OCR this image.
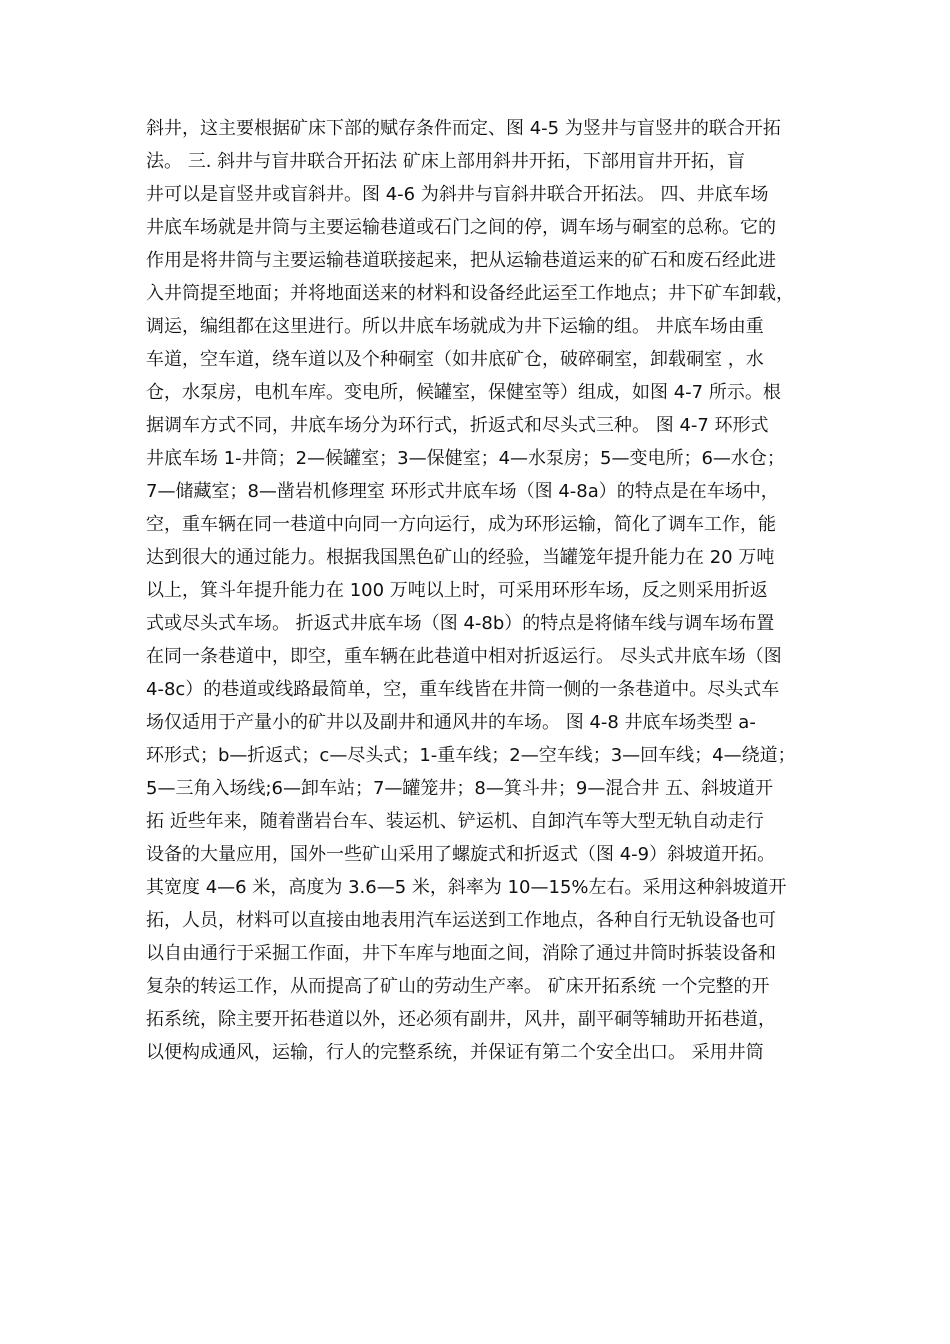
斜井，这主要根据矿床下部的赋存条件而定、图 4-5 为竖井与盲竖井的联合开拓
法。 三. 斜井与盲井联合开拓法 矿床上部用斜井开拓，下部用盲井开拓，盲
井可以是盲竖井或盲斜井。图 4-6 为斜井与盲斜井联合开拓法。 四、井底车场
井底车场就是井筒与主要运输巷道或石门之间的停，调车场与硐室的总称。它的
作用是将井筒与主要运输巷道联接起来，把从运输巷道运来的矿石和废石经此进
入井筒提至地面；并将地面送来的材料和设备经此运至工作地点；井下矿车卸载，
调运，编组都在这里进行。所以井底车场就成为井下运输的组。 井底车场由重
车道，空车道，绕车道以及个种硐室（如井底矿仓，破碎硐室，卸载硐室 ，水
仓，水泵房，电机车库。变电所，候罐室，保健室等）组成，如图 4-7 所示。根
据调车方式不同，井底车场分为环行式，折返式和尽头式三种。 图 4-7 环形式
井底车场 1-井筒；2—候罐室；3—保健室；4—水泵房；5—变电所；6—水仓；
7—储藏室；8—凿岩机修理室 环形式井底车场（图 4-8a）的特点是在车场中，
空，重车辆在同一巷道中向同一方向运行，成为环形运输，简化了调车工作，能
达到很大的通过能力。根据我国黑色矿山的经验，当罐笼年提升能力在 20 万吨
以上，箕斗年提升能力在 100 万吨以上时，可采用环形车场，反之则采用折返
式或尽头式车场。 折返式井底车场（图 4-8b）的特点是将储车线与调车场布置
在同一条巷道中，即空，重车辆在此巷道中相对折返运行。 尽头式井底车场（图
4-8c）的巷道或线路最简单，空，重车线皆在井筒一侧的一条巷道中。尽头式车
场仅适用于产量小的矿井以及副井和通风井的车场。 图 4-8 井底车场类型 a-
环形式；b—折返式；c—尽头式；1-重车线；2—空车线；3—回车线；4—绕道；
5—三角入场线;6—卸车站；7—罐笼井；8—箕斗井；9—混合井 五、斜坡道开
拓 近些年来，随着凿岩台车、装运机、铲运机、自卸汽车等大型无轨自动走行
设备的大量应用，国外一些矿山采用了螺旋式和折返式（图 4-9）斜坡道开拓。
其宽度 4—6 米，高度为 3.6—5 米，斜率为 10—15%左右。采用这种斜坡道开
拓，人员，材料可以直接由地表用汽车运送到工作地点，各种自行无轨设备也可
以自由通行于采掘工作面，井下车库与地面之间，消除了通过井筒时拆装设备和
复杂的转运工作，从而提高了矿山的劳动生产率。 矿床开拓系统 一个完整的开
拓系统，除主要开拓巷道以外，还必须有副井，风井，副平硐等辅助开拓巷道，
以便构成通风，运输，行人的完整系统，并保证有第二个安全出口。 采用井筒
